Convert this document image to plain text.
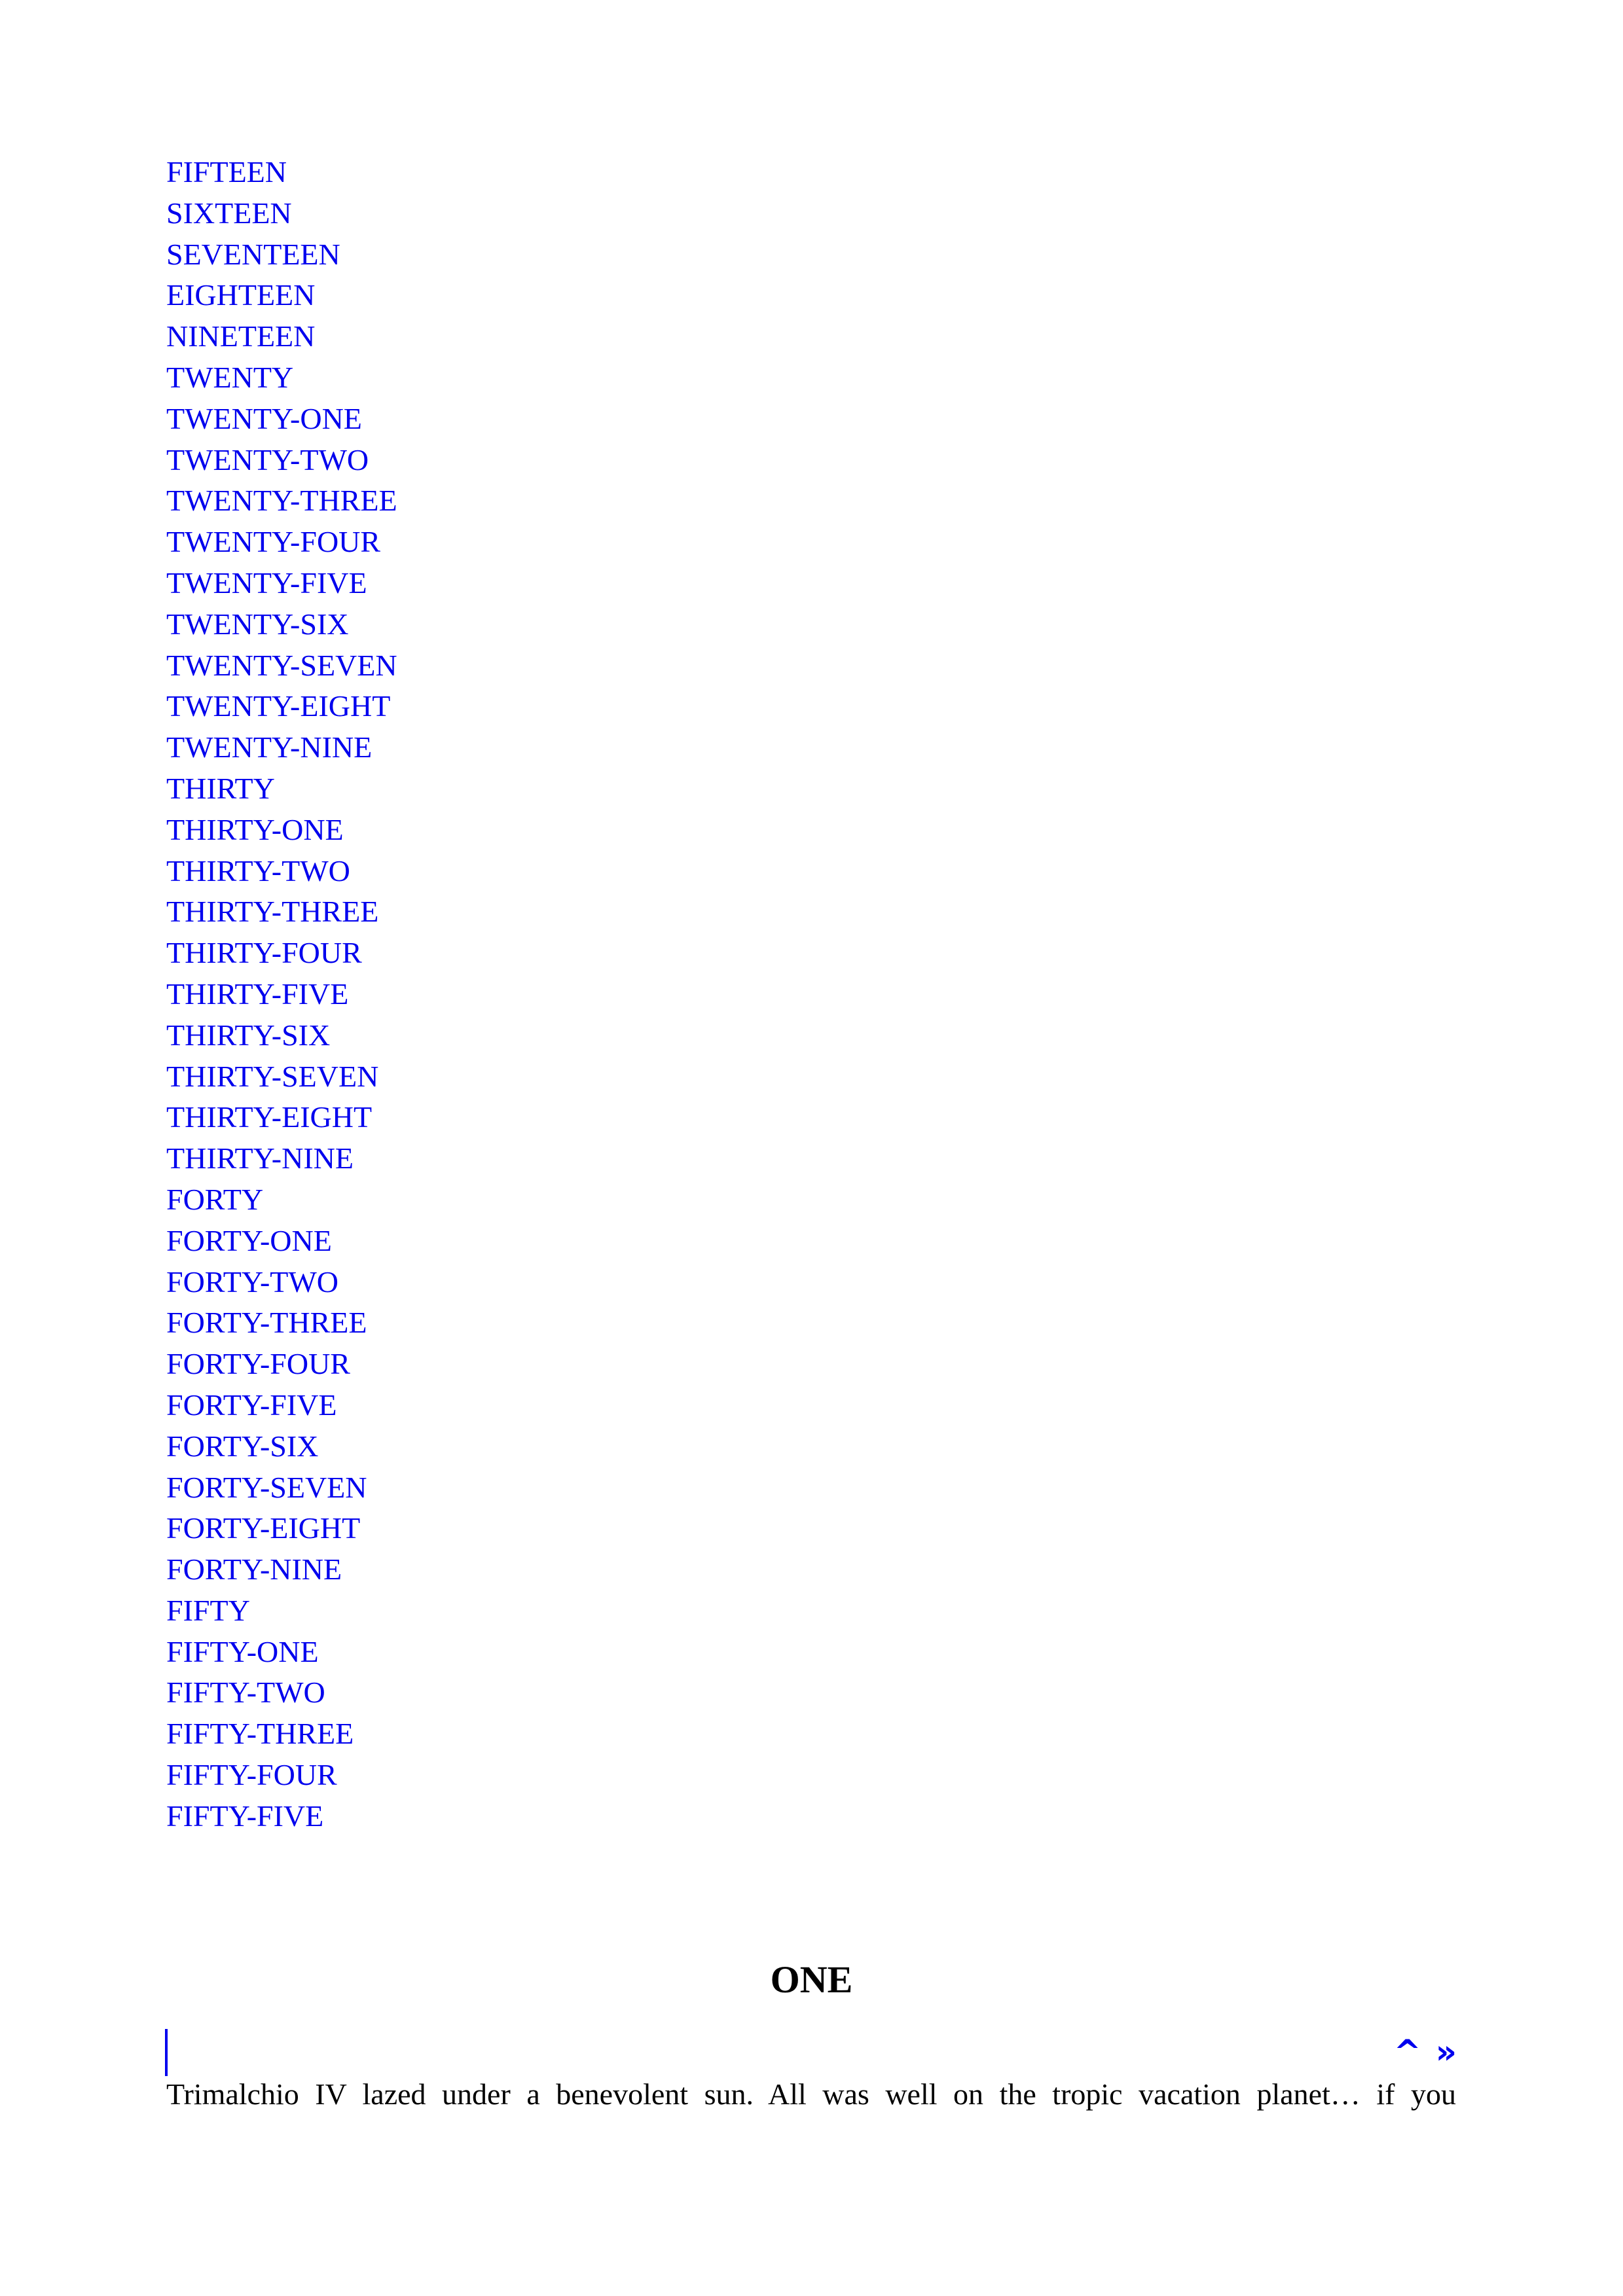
FIFTEEN
SIXTEEN
SEVENTEEN
EIGHTEEN
NINETEEN
TWENTY
TWENTY-ONE
TWENTY-TWO
TWENTY-THREE
TWENTY-FOUR
TWENTY-FIVE
TWENTY-SIX
TWENTY-SEVEN
TWENTY-EIGHT
TWENTY-NINE
THIRTY
THIRTY-ONE
THIRTY-TWO
THIRTY-THREE
THIRTY-FOUR
THIRTY-FIVE
THIRTY-SIX
THIRTY-SEVEN
THIRTY-EIGHT
THIRTY-NINE
FORTY
FORTY-ONE
FORTY-TWO
FORTY-THREE
FORTY-FOUR
FORTY-FIVE
FORTY-SIX
FORTY-SEVEN
FORTY-EIGHT
FORTY-NINE
FIFTY
FIFTY-ONE
FIFTY-TWO
FIFTY-THREE
FIFTY-FOUR
FIFTY-FIVE
ONE
^ »

Trimalchio IV lazed under a benevolent sun. All was well on the tropic vacation planet… if you
